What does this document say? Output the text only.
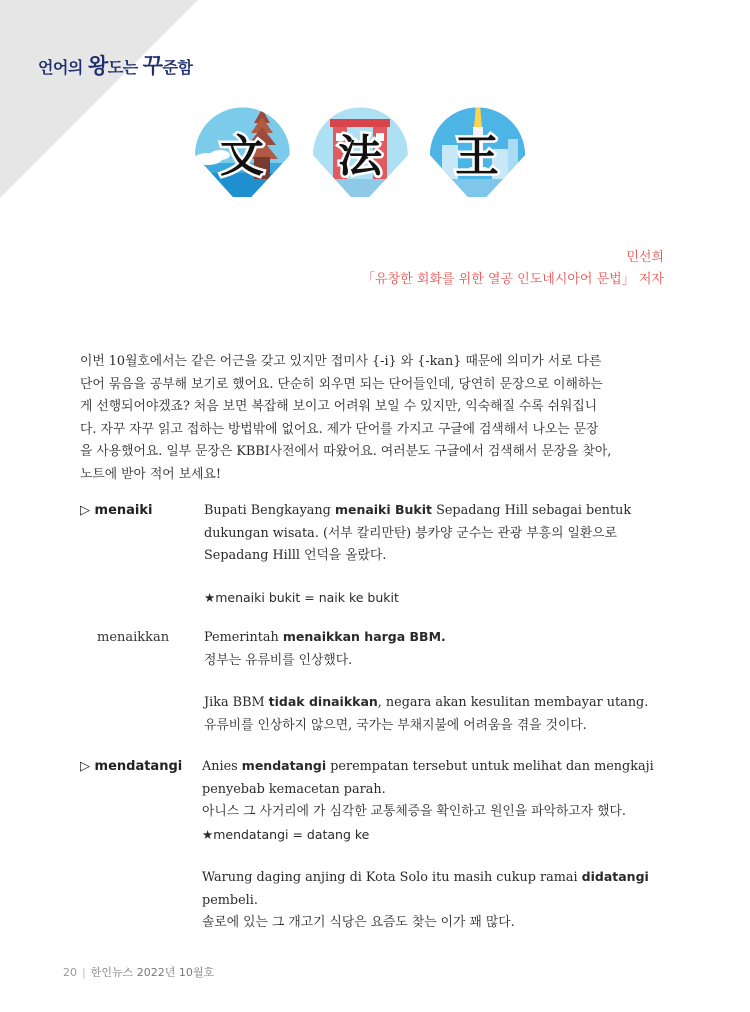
언어의 왕도는 꾸준함
文 法 王
민선희
「유창한 회화를 위한 열공 인도네시아어 문법」 저자
이번 10월호에서는 같은 어근을 갖고 있지만 접미사 {-i} 와 {-kan} 때문에 의미가 서로 다른
단어 묶음을 공부해 보기로 했어요. 단순히 외우면 되는 단어들인데, 당연히 문장으로 이해하는
게 선행되어야겠죠? 처음 보면 복잡해 보이고 어려워 보일 수 있지만, 익숙해질 수록 쉬워집니
다. 자꾸 자꾸 읽고 접하는 방법밖에 없어요. 제가 단어를 가지고 구글에 검색해서 나오는 문장
을 사용했어요. 일부 문장은 KBBI사전에서 따왔어요. 여러분도 구글에서 검색해서 문장을 찾아,
노트에 받아 적어 보세요!
▷ menaiki	Bupati Bengkayang menaiki Bukit Sepadang Hill sebagai bentuk
dukungan wisata. (서부 칼리만탄) 븡카양 군수는 관광 부흥의 일환으로
Sepadang Hilll 언덕을 올랐다.
★menaiki bukit = naik ke bukit
menaikkan	Pemerintah menaikkan harga BBM.
정부는 유류비를 인상했다.
Jika BBM tidak dinaikkan, negara akan kesulitan membayar utang.
유류비를 인상하지 않으면, 국가는 부채지불에 어려움을 겪을 것이다.
▷ mendatangi Anies mendatangi perempatan tersebut untuk melihat dan mengkaji
penyebab kemacetan parah.
아니스 그 사거리에 가 심각한 교통체증을 확인하고 원인을 파악하고자 했다.
★mendatangi = datang ke
Warung daging anjing di Kota Solo itu masih cukup ramai didatangi
pembeli.
솔로에 있는 그 개고기 식당은 요즘도 찾는 이가 꽤 많다.
20 | 한인뉴스 2022년 10월호
